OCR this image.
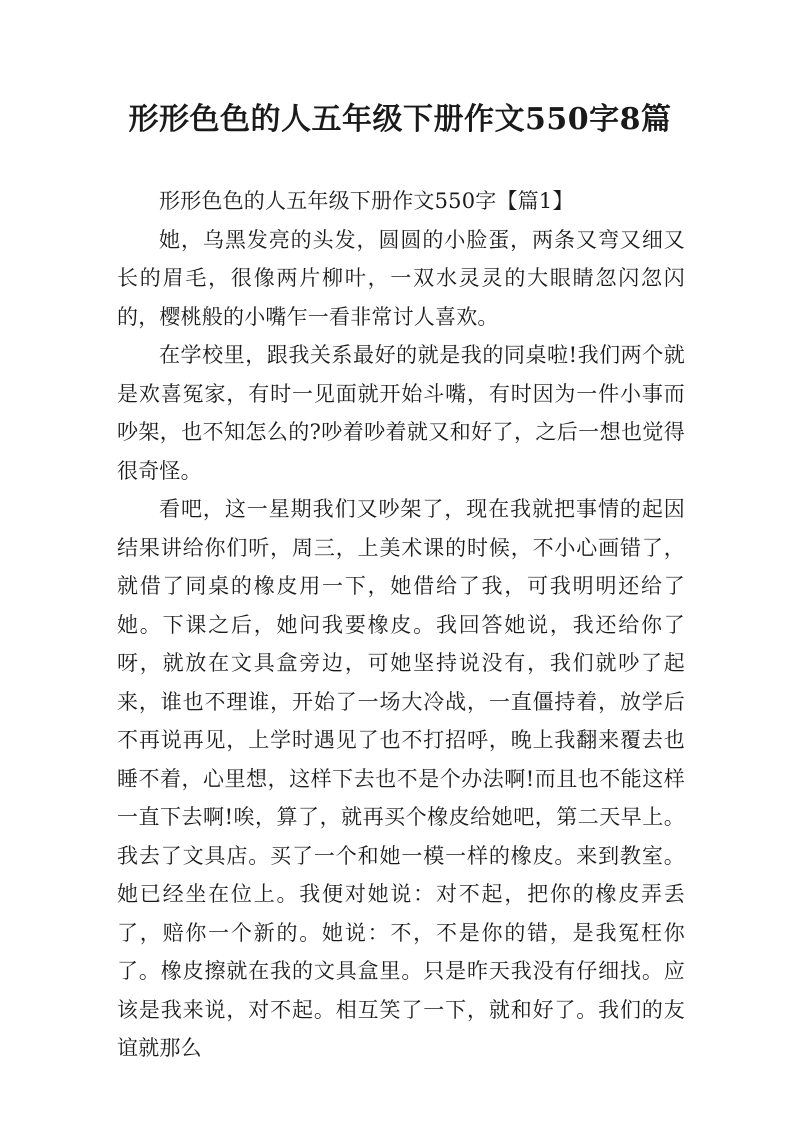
形形色色的人五年级下册作文550字8篇

形形色色的人五年级下册作文550字【篇1】

她，乌黑发亮的头发，圆圆的小脸蛋，两条又弯又细又长的眉毛，很像两片柳叶，一双水灵灵的大眼睛忽闪忽闪的，樱桃般的小嘴乍一看非常讨人喜欢。

在学校里，跟我关系最好的就是我的同桌啦!我们两个就是欢喜冤家，有时一见面就开始斗嘴，有时因为一件小事而吵架，也不知怎么的?吵着吵着就又和好了，之后一想也觉得很奇怪。

看吧，这一星期我们又吵架了，现在我就把事情的起因结果讲给你们听，周三，上美术课的时候，不小心画错了，就借了同桌的橡皮用一下，她借给了我，可我明明还给了她。下课之后，她问我要橡皮。我回答她说，我还给你了呀，就放在文具盒旁边，可她坚持说没有，我们就吵了起来，谁也不理谁，开始了一场大冷战，一直僵持着，放学后不再说再见，上学时遇见了也不打招呼，晚上我翻来覆去也睡不着，心里想，这样下去也不是个办法啊!而且也不能这样一直下去啊!唉，算了，就再买个橡皮给她吧，第二天早上。我去了文具店。买了一个和她一模一样的橡皮。来到教室。她已经坐在位上。我便对她说：对不起，把你的橡皮弄丢了，赔你一个新的。她说：不，不是你的错，是我冤枉你了。橡皮擦就在我的文具盒里。只是昨天我没有仔细找。应该是我来说，对不起。相互笑了一下，就和好了。我们的友谊就那么
